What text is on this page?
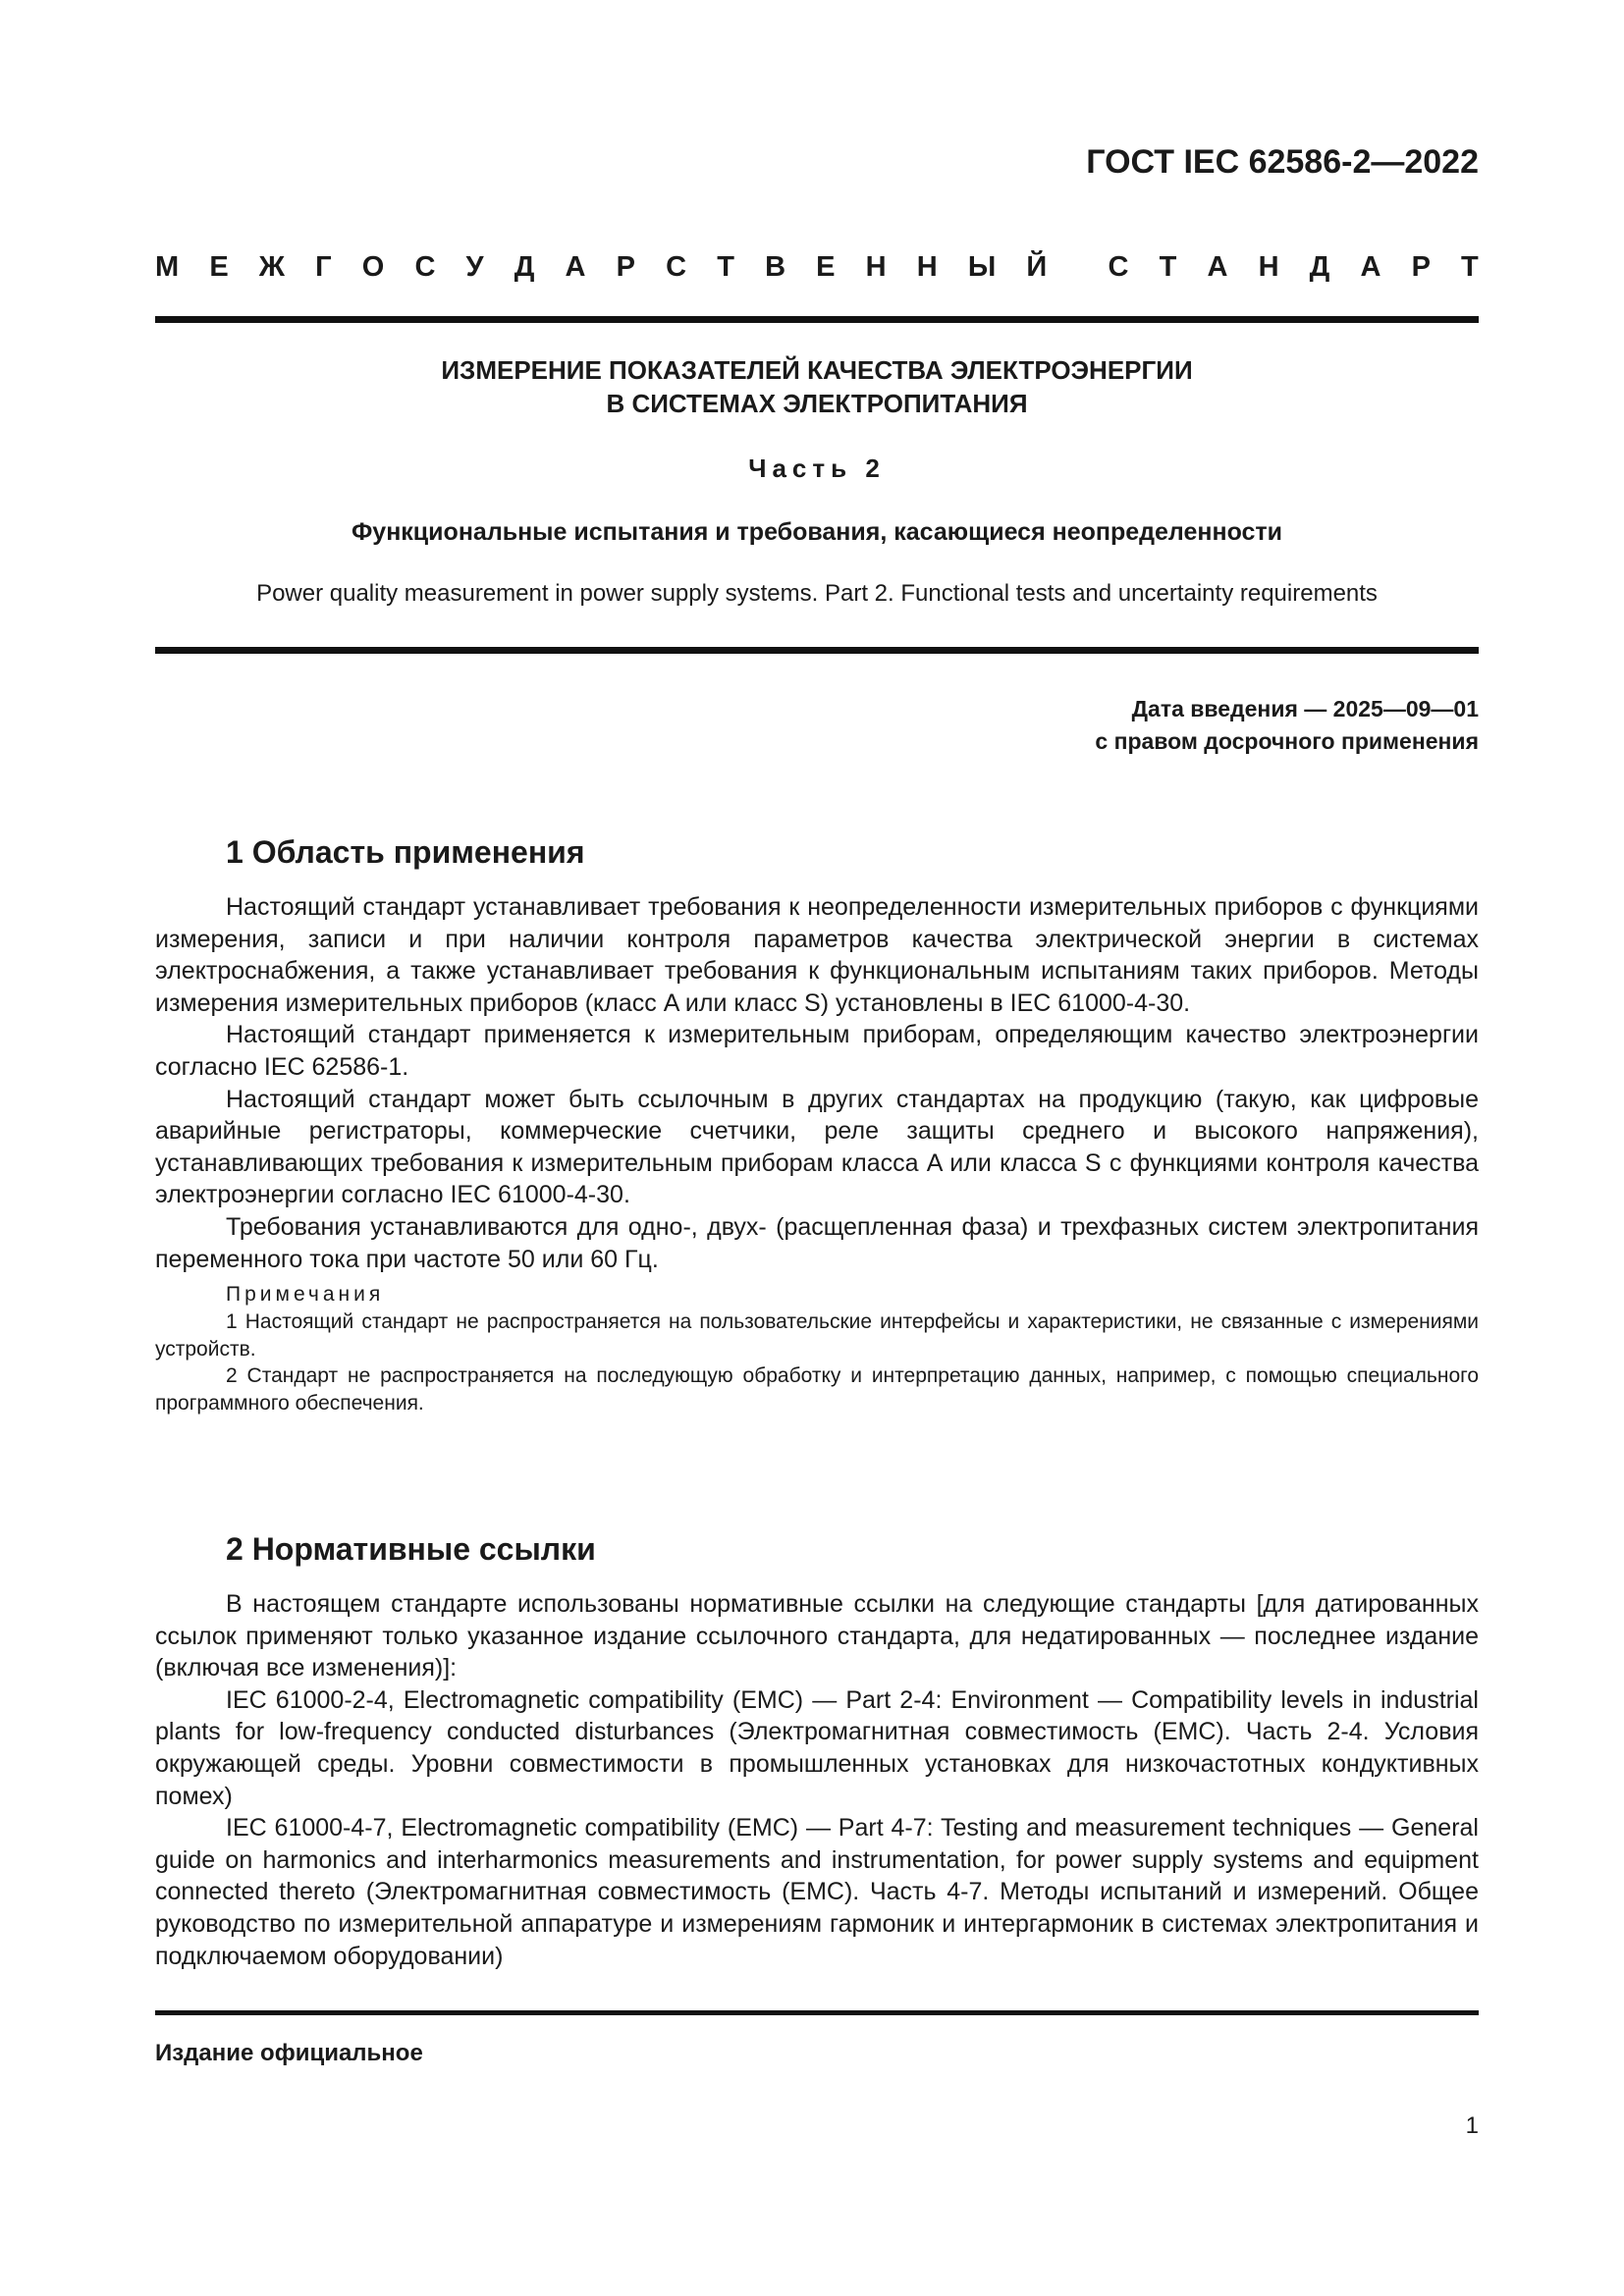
ГОСТ IEC 62586-2—2022
М Е Ж Г О С У Д А Р С Т В Е Н Н Ы Й С Т А Н Д А Р Т
ИЗМЕРЕНИЕ ПОКАЗАТЕЛЕЙ КАЧЕСТВА ЭЛЕКТРОЭНЕРГИИ
В СИСТЕМАХ ЭЛЕКТРОПИТАНИЯ
Часть 2
Функциональные испытания и требования, касающиеся неопределенности
Power quality measurement in power supply systems. Part 2. Functional tests and uncertainty requirements
Дата введения — 2025—09—01
с правом досрочного применения
1 Область применения

Настоящий стандарт устанавливает требования к неопределенности измерительных приборов с функциями измерения, записи и при наличии контроля параметров качества электрической энергии в системах электроснабжения, а также устанавливает требования к функциональным испытаниям таких приборов. Методы измерения измерительных приборов (класс A или класс S) установлены в IEC 61000-4-30.

Настоящий стандарт применяется к измерительным приборам, определяющим качество электроэнергии согласно IEC 62586-1.

Настоящий стандарт может быть ссылочным в других стандартах на продукцию (такую, как цифровые аварийные регистраторы, коммерческие счетчики, реле защиты среднего и высокого напряжения), устанавливающих требования к измерительным приборам класса A или класса S с функциями контроля качества электроэнергии согласно IEC 61000-4-30.

Требования устанавливаются для одно-, двух- (расщепленная фаза) и трехфазных систем электропитания переменного тока при частоте 50 или 60 Гц.

Примечания

1 Настоящий стандарт не распространяется на пользовательские интерфейсы и характеристики, не связанные с измерениями устройств.

2 Стандарт не распространяется на последующую обработку и интерпретацию данных, например, с помощью специального программного обеспечения.

2 Нормативные ссылки

В настоящем стандарте использованы нормативные ссылки на следующие стандарты [для датированных ссылок применяют только указанное издание ссылочного стандарта, для недатированных — последнее издание (включая все изменения)]:

IEC 61000-2-4, Electromagnetic compatibility (EMC) — Part 2-4: Environment — Compatibility levels in industrial plants for low-frequency conducted disturbances (Электромагнитная совместимость (EMC). Часть 2-4. Условия окружающей среды. Уровни совместимости в промышленных установках для низкочастотных кондуктивных помех)

IEC 61000-4-7, Electromagnetic compatibility (EMC) — Part 4-7: Testing and measurement techniques — General guide on harmonics and interharmonics measurements and instrumentation, for power supply systems and equipment connected thereto (Электромагнитная совместимость (EMC). Часть 4-7. Методы испытаний и измерений. Общее руководство по измерительной аппаратуре и измерениям гармоник и интергармоник в системах электропитания и подключаемом оборудовании)

Издание официальное
1
